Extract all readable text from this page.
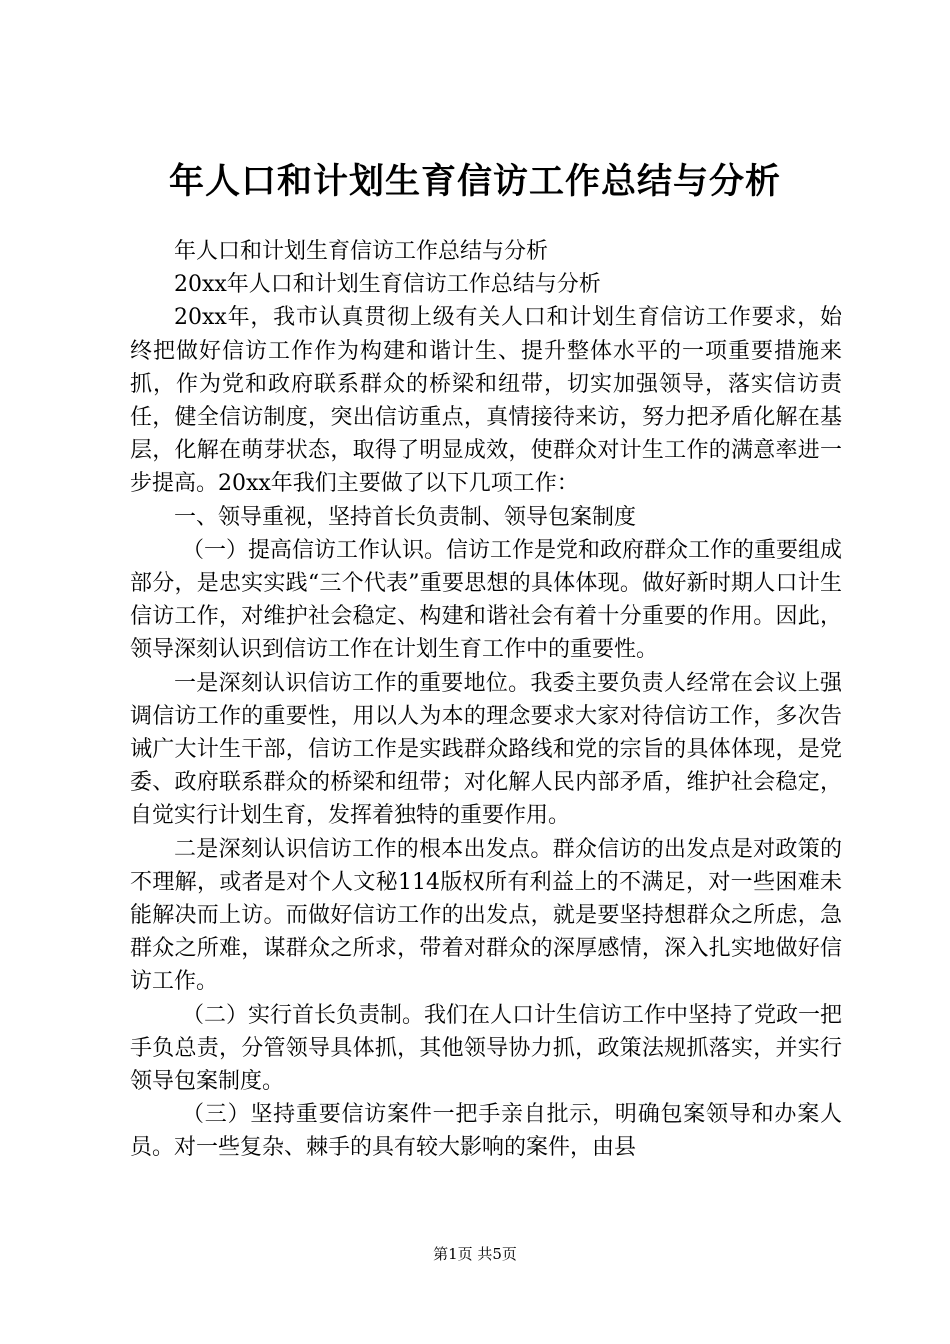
年人口和计划生育信访工作总结与分析

年人口和计划生育信访工作总结与分析

20xx年人口和计划生育信访工作总结与分析

20xx年，我市认真贯彻上级有关人口和计划生育信访工作要求，始终把做好信访工作作为构建和谐计生、提升整体水平的一项重要措施来抓，作为党和政府联系群众的桥梁和纽带，切实加强领导，落实信访责任，健全信访制度，突出信访重点，真情接待来访，努力把矛盾化解在基层，化解在萌芽状态，取得了明显成效，使群众对计生工作的满意率进一步提高。20xx年我们主要做了以下几项工作：

一、领导重视，坚持首长负责制、领导包案制度

（一）提高信访工作认识。信访工作是党和政府群众工作的重要组成部分，是忠实实践“三个代表”重要思想的具体体现。做好新时期人口计生信访工作，对维护社会稳定、构建和谐社会有着十分重要的作用。因此，领导深刻认识到信访工作在计划生育工作中的重要性。

一是深刻认识信访工作的重要地位。我委主要负责人经常在会议上强调信访工作的重要性，用以人为本的理念要求大家对待信访工作，多次告诫广大计生干部，信访工作是实践群众路线和党的宗旨的具体体现，是党委、政府联系群众的桥梁和纽带；对化解人民内部矛盾，维护社会稳定，自觉实行计划生育，发挥着独特的重要作用。

二是深刻认识信访工作的根本出发点。群众信访的出发点是对政策的不理解，或者是对个人文秘114版权所有利益上的不满足，对一些困难未能解决而上访。而做好信访工作的出发点，就是要坚持想群众之所虑，急群众之所难，谋群众之所求，带着对群众的深厚感情，深入扎实地做好信访工作。

（二）实行首长负责制。我们在人口计生信访工作中坚持了党政一把手负总责，分管领导具体抓，其他领导协力抓，政策法规抓落实，并实行领导包案制度。

（三）坚持重要信访案件一把手亲自批示，明确包案领导和办案人员。对一些复杂、棘手的具有较大影响的案件，由县

第1页 共5页
